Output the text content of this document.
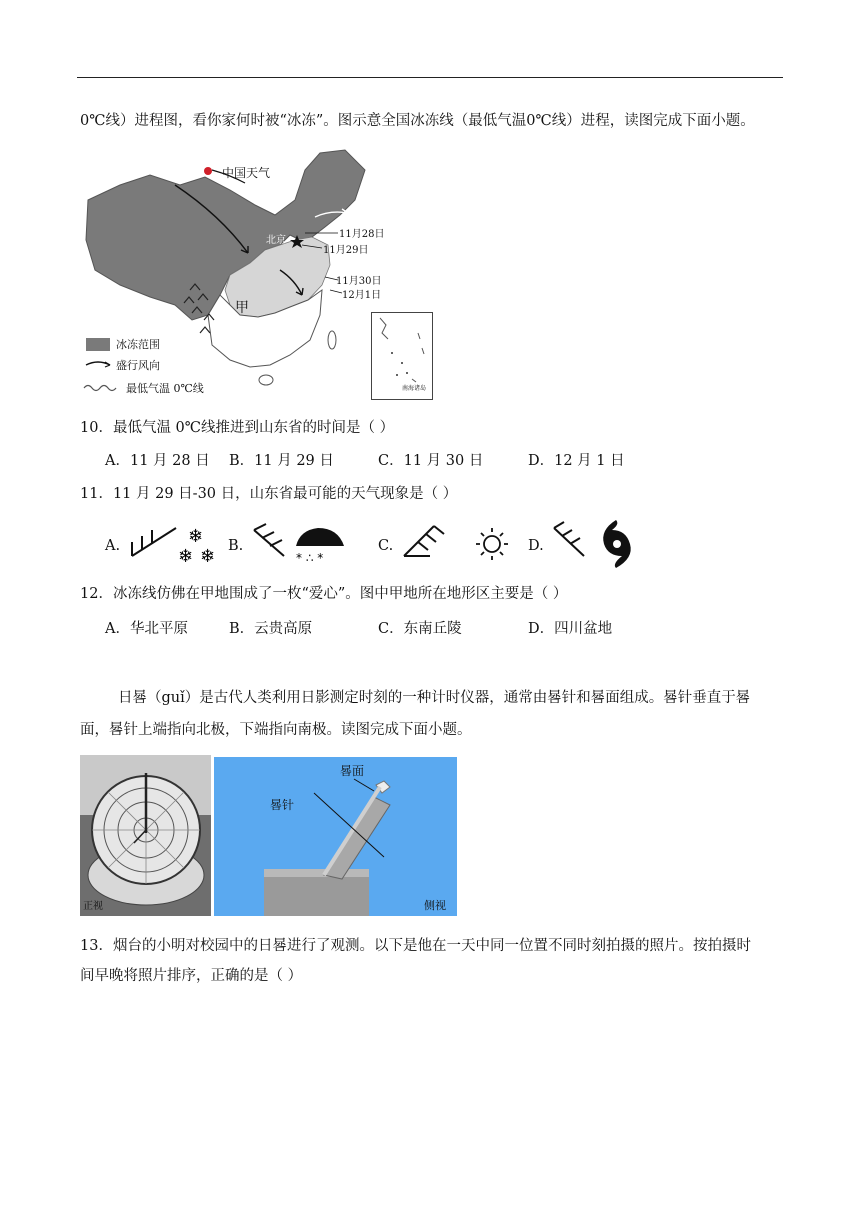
0℃线）进程图，看你家何时被“冰冻”。图示意全国冰冻线（最低气温0℃线）进程，读图完成下面小题。
中国天气
北京
甲
11月28日
11月29日
11月30日
12月1日
冰冻范围
盛行风向
最低气温 0℃线	南海诸岛
10．最低气温 0℃线推进到山东省的时间是（ ）
A．11 月 28 日 B．11 月 29 日	C．11 月 30 日	D．12 月 1 日
11．11 月 29 日-30 日，山东省最可能的天气现象是（ ）
A.	❄
❄ ❄ B.
* ∴ *
C.	D.
12．冰冻线仿佛在甲地围成了一枚“爱心”。图中甲地所在地形区主要是（ ）
A．华北平原	B．云贵高原	C．东南丘陵	D．四川盆地
日晷（guǐ）是古代人类利用日影测定时刻的一种计时仪器，通常由晷针和晷面组成。晷针垂直于晷
面，晷针上端指向北极，下端指向南极。读图完成下面小题。
正视
晷面
晷针
侧视
13．烟台的小明对校园中的日晷进行了观测。以下是他在一天中同一位置不同时刻拍摄的照片。按拍摄时
间早晚将照片排序，正确的是（ ）
